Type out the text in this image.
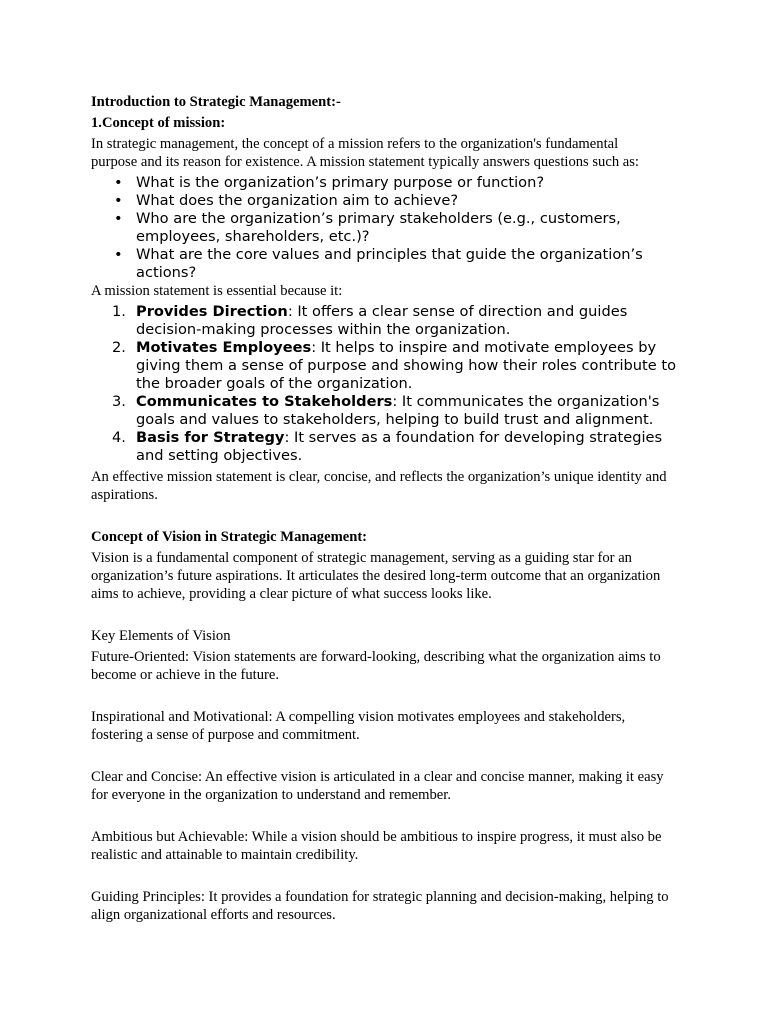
Introduction to Strategic Management:-

1.Concept of mission:

In strategic management, the concept of a mission refers to the organization's fundamental purpose and its reason for existence. A mission statement typically answers questions such as:

• What is the organization’s primary purpose or function?
• What does the organization aim to achieve?
• Who are the organization’s primary stakeholders (e.g., customers, employees, shareholders, etc.)?
• What are the core values and principles that guide the organization’s actions?

A mission statement is essential because it:

1. Provides Direction: It offers a clear sense of direction and guides decision-making processes within the organization.
2. Motivates Employees: It helps to inspire and motivate employees by giving them a sense of purpose and showing how their roles contribute to the broader goals of the organization.
3. Communicates to Stakeholders: It communicates the organization's goals and values to stakeholders, helping to build trust and alignment.
4. Basis for Strategy: It serves as a foundation for developing strategies and setting objectives.

An effective mission statement is clear, concise, and reflects the organization’s unique identity and aspirations.

Concept of Vision in Strategic Management:

Vision is a fundamental component of strategic management, serving as a guiding star for an organization’s future aspirations. It articulates the desired long-term outcome that an organization aims to achieve, providing a clear picture of what success looks like.

Key Elements of Vision

Future-Oriented: Vision statements are forward-looking, describing what the organization aims to become or achieve in the future.

Inspirational and Motivational: A compelling vision motivates employees and stakeholders, fostering a sense of purpose and commitment.

Clear and Concise: An effective vision is articulated in a clear and concise manner, making it easy for everyone in the organization to understand and remember.

Ambitious but Achievable: While a vision should be ambitious to inspire progress, it must also be realistic and attainable to maintain credibility.

Guiding Principles: It provides a foundation for strategic planning and decision-making, helping to align organizational efforts and resources.
